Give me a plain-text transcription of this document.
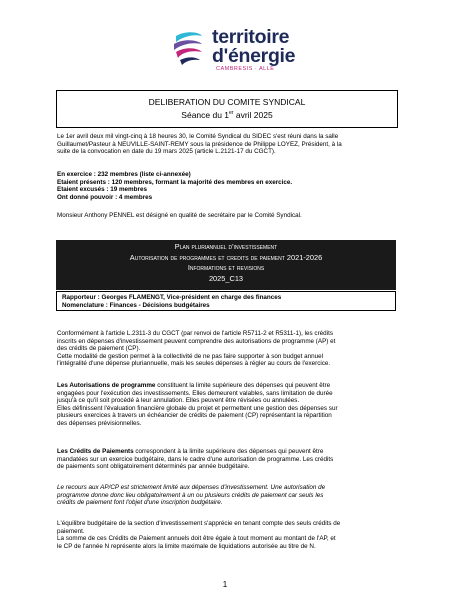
territoire
d'énergie
CAMBRESIS · ALLE
DELIBERATION DU COMITE SYNDICAL
Séance du 1er avril 2025
Le 1er avril deux mil vingt-cinq à 18 heures 30, le Comité Syndical du SIDEC s'est réuni dans la salle
Guillaumet/Pasteur à NEUVILLE-SAINT-REMY sous la présidence de Philippe LOYEZ, Président, à la
suite de la convocation en date du 19 mars 2025 (article L.2121-17 du CGCT).
En exercice : 232 membres (liste ci-annexée)
Etaient présents : 120 membres, formant la majorité des membres en exercice.
Etaient excusés : 19 membres
Ont donné pouvoir : 4 membres
Monsieur Anthony PENNEL est désigné en qualité de secrétaire par le Comité Syndical.
Plan pluriannuel d'investissement
Autorisation de programmes et credits de paiement 2021-2026
Informations et revisions
2025_C13
Rapporteur : Georges FLAMENGT, Vice-président en charge des finances
Nomenclature : Finances - Décisions budgétaires
Conformément à l'article L.2311-3 du CGCT (par renvoi de l'article R5711-2 et R5311-1), les crédits
inscrits en dépenses d'investissement peuvent comprendre des autorisations de programme (AP) et
des crédits de paiement (CP).
Cette modalité de gestion permet à la collectivité de ne pas faire supporter à son budget annuel
l'intégralité d'une dépense pluriannuelle, mais les seules dépenses à régler au cours de l'exercice.
Les Autorisations de programme constituent la limite supérieure des dépenses qui peuvent être
engagées pour l'exécution des investissements. Elles demeurent valables, sans limitation de durée
jusqu'à ce qu'il soit procédé à leur annulation. Elles peuvent être révisées ou annulées.
Elles définissent l'évaluation financière globale du projet et permettent une gestion des dépenses sur
plusieurs exercices à travers un échéancier de crédits de paiement (CP) représentant la répartition
des dépenses prévisionnelles.
Les Crédits de Paiements correspondent à la limite supérieure des dépenses qui peuvent être
mandatées sur un exercice budgétaire, dans le cadre d'une autorisation de programme. Les crédits
de paiements sont obligatoirement déterminés par année budgétaire.
Le recours aux AP/CP est strictement limité aux dépenses d'investissement. Une autorisation de
programme donne donc lieu obligatoirement à un ou plusieurs crédits de paiement car seuls les
crédits de paiement font l'objet d'une inscription budgétaire.
L'équilibre budgétaire de la section d'investissement s'apprécie en tenant compte des seuls crédits de
paiement.
La somme de ces Crédits de Paiement annuels doit être égale à tout moment au montant de l'AP, et
le CP de l'année N représente alors la limite maximale de liquidations autorisée au titre de N.
1
